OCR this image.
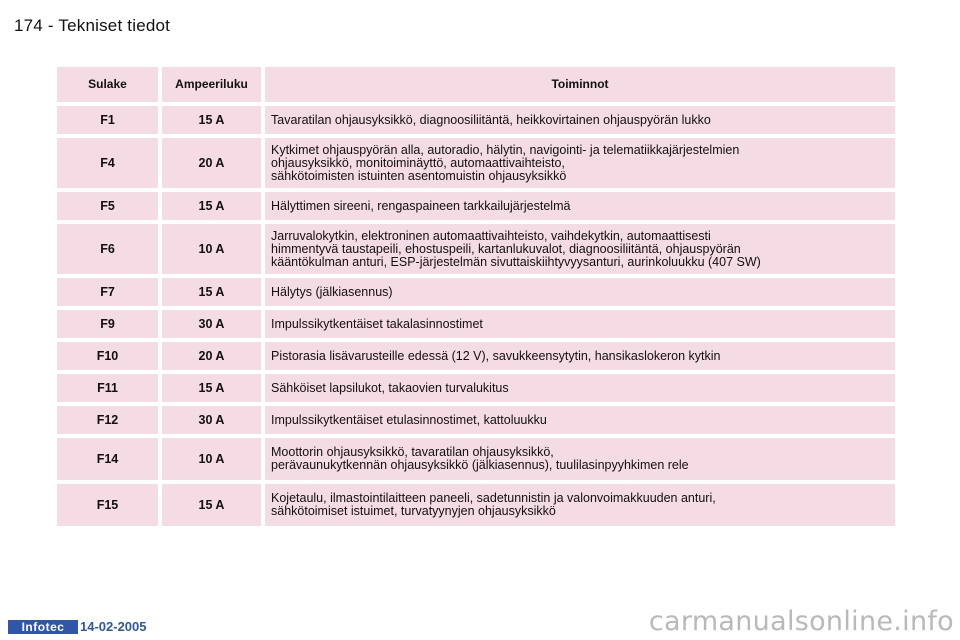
174 - Tekniset tiedot
Sulake	Ampeeriluku	Toiminnot
F1	15 A	Tavaratilan ohjausyksikkö, diagnoosiliitäntä, heikkovirtainen ohjauspyörän lukko

F4	20 A	Kytkimet ohjauspyörän alla, autoradio, hälytin, navigointi- ja telematiikkajärjestelmien
ohjausyksikkö, monitoiminäyttö, automaattivaihteisto,
sähkötoimisten istuinten asentomuistin ohjausyksikkö

F5	15 A	Hälyttimen sireeni, rengaspaineen tarkkailujärjestelmä

F6	10 A	Jarruvalokytkin, elektroninen automaattivaihteisto, vaihdekytkin, automaattisesti
himmentyvä taustapeili, ehostuspeili, kartanlukuvalot, diagnoosiliitäntä, ohjauspyörän
kääntökulman anturi, ESP-järjestelmän sivuttaiskiihtyvyysanturi, aurinkoluukku (407 SW)

F7	15 A	Hälytys (jälkiasennus)

F9	30 A	Impulssikytkentäiset takalasinnostimet

F10	20 A	Pistorasia lisävarusteille edessä (12 V), savukkeensytytin, hansikaslokeron kytkin

F11	15 A	Sähköiset lapsilukot, takaovien turvalukitus

F12	30 A	Impulssikytkentäiset etulasinnostimet, kattoluukku

F14	10 A	Moottorin ohjausyksikkö, tavaratilan ohjausyksikkö,
perävaunukytkennän ohjausyksikkö (jälkiasennus), tuulilasinpyyhkimen rele

F15	15 A	Kojetaulu, ilmastointilaitteen paneeli, sadetunnistin ja valonvoimakkuuden anturi,
sähkötoimiset istuimet, turvatyynyjen ohjausyksikkö
Infotec	14-02-2005	carmanualsonline.info
